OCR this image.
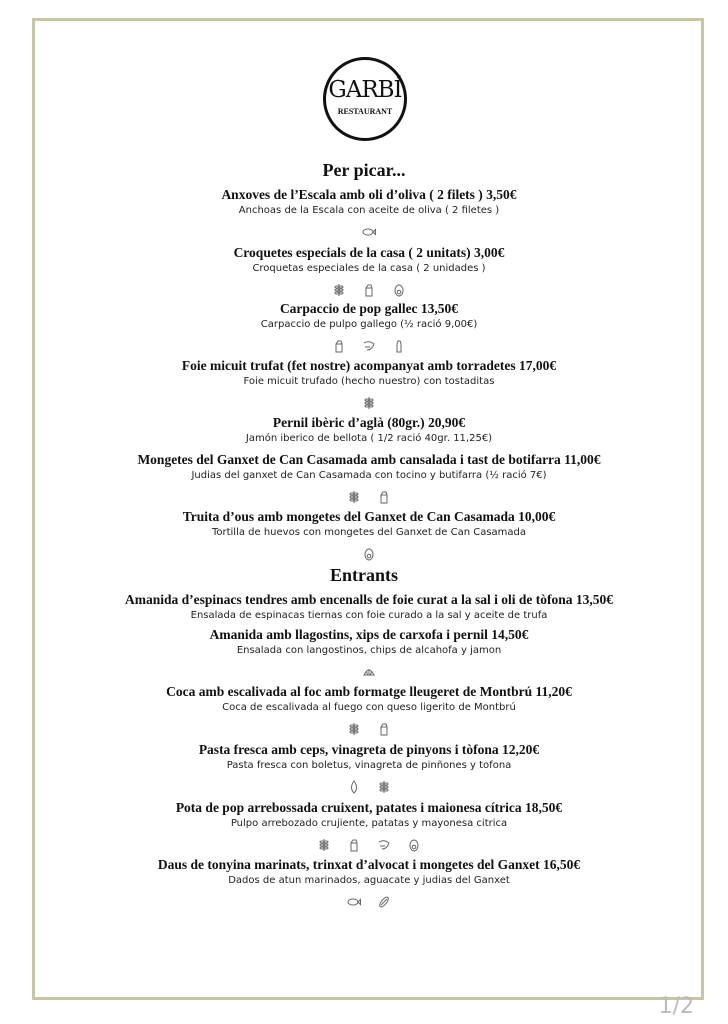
GARBÍ
RESTAURANT
Per picar...
Anxoves de l’Escala amb oli d’oliva ( 2 filets ) 3,50€
Anchoas de la Escala con aceite de oliva ( 2 filetes )
Croquetes especials de la casa ( 2 unitats) 3,00€
Croquetas especiales de la casa ( 2 unidades )
Carpaccio de pop gallec 13,50€
Carpaccio de pulpo gallego (½ ració 9,00€)
Foie micuit trufat (fet nostre) acompanyat amb torradetes 17,00€
Foie micuit trufado (hecho nuestro) con tostaditas
Pernil ibèric d’aglà (80gr.) 20,90€
Jamón iberico de bellota ( 1/2 ració 40gr. 11,25€)
Mongetes del Ganxet de Can Casamada amb cansalada i tast de botifarra 11,00€
Judias del ganxet de Can Casamada con tocino y butifarra (½ ració 7€)
Truita d’ous amb mongetes del Ganxet de Can Casamada 10,00€
Tortilla de huevos con mongetes del Ganxet de Can Casamada
Entrants
Amanida d’espinacs tendres amb encenalls de foie curat a la sal i oli de tòfona 13,50€
Ensalada de espinacas tiernas con foie curado a la sal y aceite de trufa
Amanida amb llagostins, xips de carxofa i pernil 14,50€
Ensalada con langostinos, chips de alcahofa y jamon
Coca amb escalivada al foc amb formatge lleugeret de Montbrú 11,20€
Coca de escalivada al fuego con queso ligerito de Montbrú
Pasta fresca amb ceps, vinagreta de pinyons i tòfona 12,20€
Pasta fresca con boletus, vinagreta de pinñones y tofona
Pota de pop arrebossada cruixent, patates i maionesa cítrica 18,50€
Pulpo arrebozado crujiente, patatas y mayonesa citrica
Daus de tonyina marinats, trinxat d’alvocat i mongetes del Ganxet 16,50€
Dados de atun marinados, aguacate y judias del Ganxet
1/2
